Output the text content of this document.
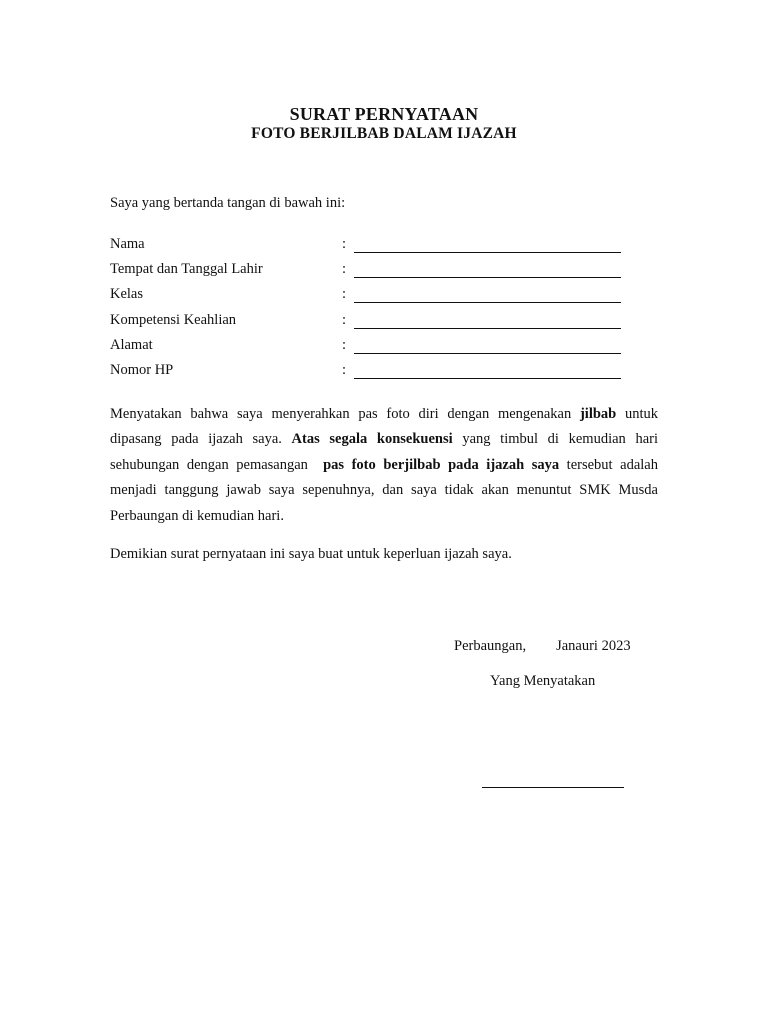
SURAT PERNYATAAN
FOTO BERJILBAB DALAM IJAZAH
Saya yang bertanda tangan di bawah ini:
Nama	:
Tempat dan Tanggal Lahir	:
Kelas	:
Kompetensi Keahlian	:
Alamat	:
Nomor HP	:

Menyatakan bahwa saya menyerahkan pas foto diri dengan mengenakan jilbab untuk dipasang pada ijazah saya. Atas segala konsekuensi yang timbul di kemudian hari sehubungan dengan pemasangan  pas foto berjilbab pada ijazah saya tersebut adalah menjadi tanggung jawab saya sepenuhnya, dan saya tidak akan menuntut SMK Musda Perbaungan di kemudian hari.

Demikian surat pernyataan ini saya buat untuk keperluan ijazah saya.
Perbaungan, Janauri 2023
Yang Menyatakan
